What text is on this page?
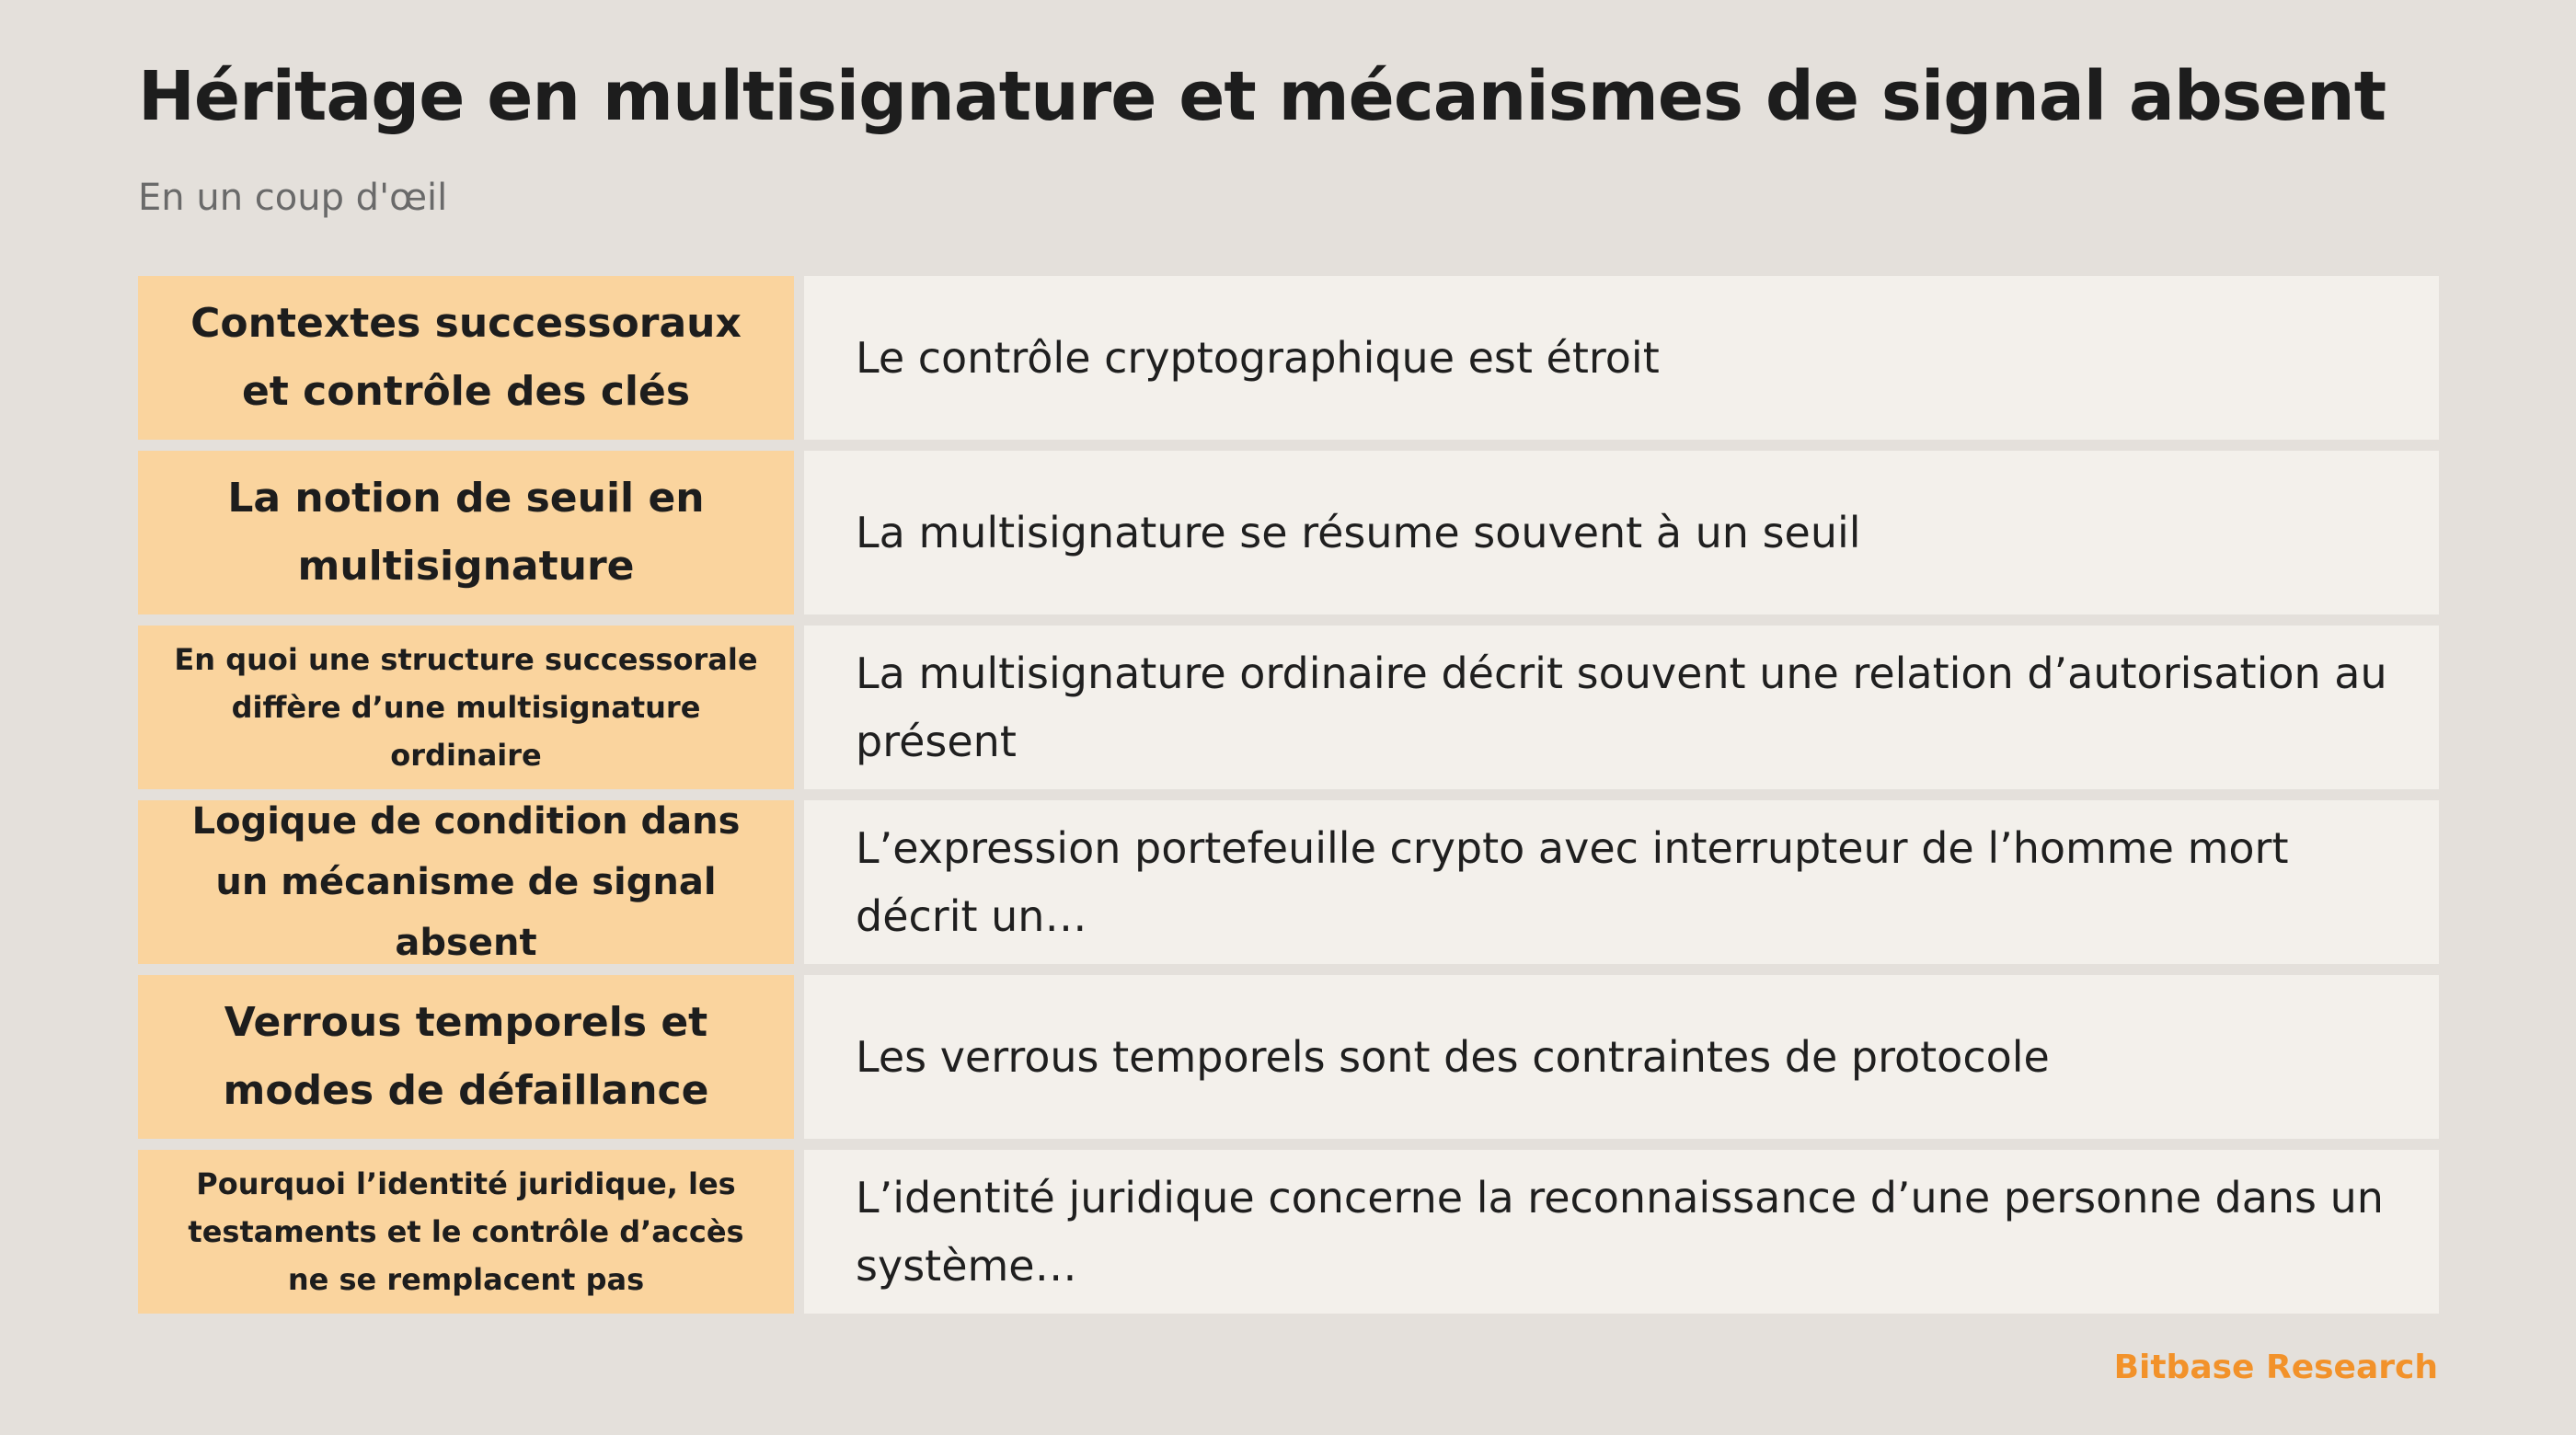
Héritage en multisignature et mécanismes de signal absent
En un coup d'œil
Contextes successoraux et contrôle des clés
Le contrôle cryptographique est étroit
La notion de seuil en multisignature
La multisignature se résume souvent à un seuil
En quoi une structure successorale diffère d’une multisignature ordinaire
La multisignature ordinaire décrit souvent une relation d’autorisation au présent
Logique de condition dans un mécanisme de signal absent
L’expression portefeuille crypto avec interrupteur de l’homme mort décrit un…
Verrous temporels et modes de défaillance
Les verrous temporels sont des contraintes de protocole
Pourquoi l’identité juridique, les testaments et le contrôle d’accès ne se remplacent pas
L’identité juridique concerne la reconnaissance d’une personne dans un système…
Bitbase Research
